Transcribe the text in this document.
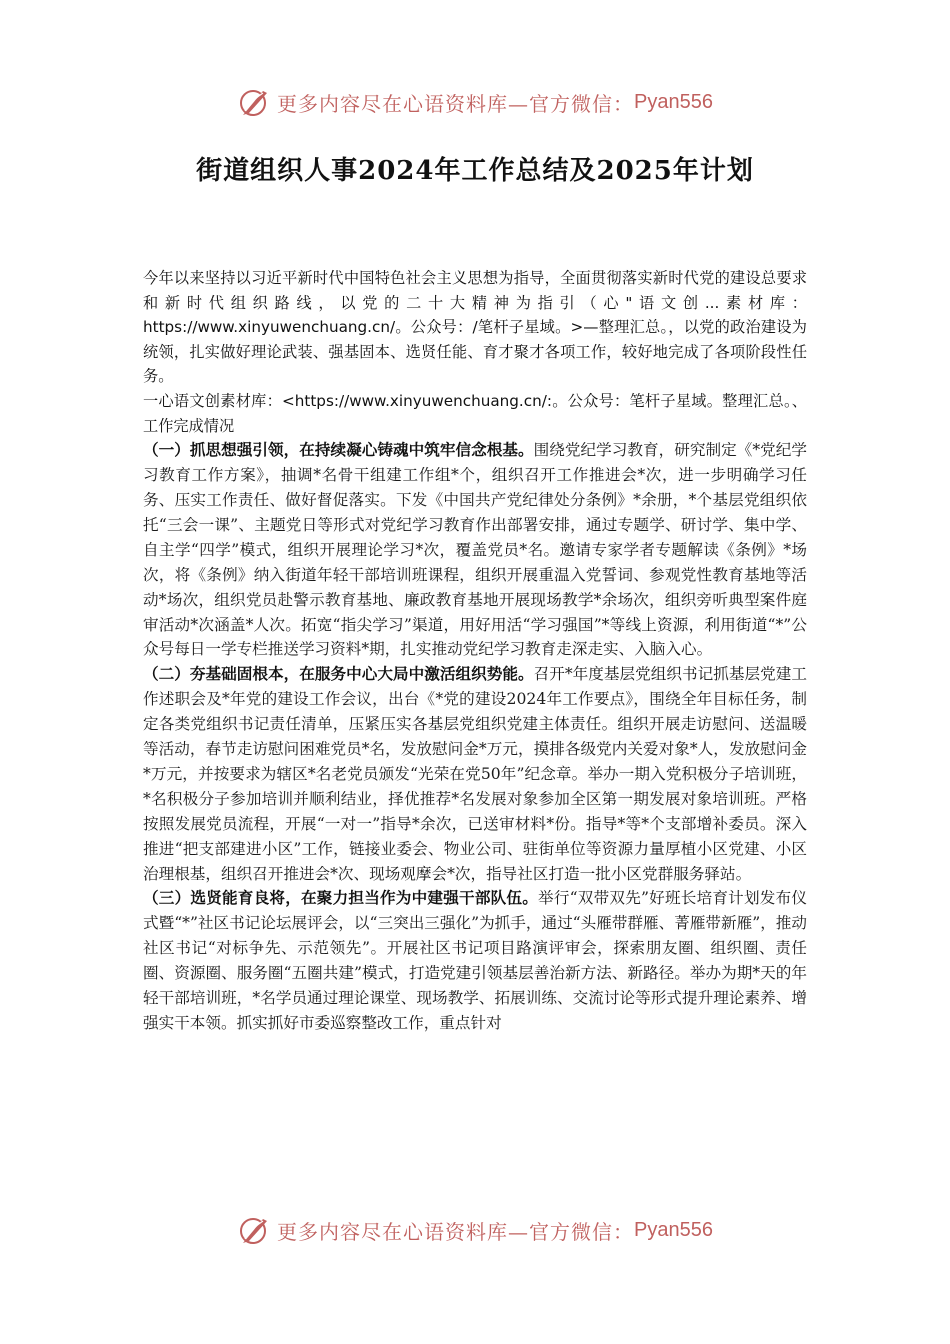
更多内容尽在心语资料库—官方微信： Pyan556
街道组织人事2024年工作总结及2025年计划

今年以来坚持以习近平新时代中国特色社会主义思想为指导，全面贯彻落实新时代党的建设总要求和新时代组织路线，以党的二十大精神为指引（心"语文创...素材库：https://www.xinyuwenchuang.cn/。公众号：/笔杆子星域。>—整理汇总。，以党的政治建设为统领，扎实做好理论武装、强基固本、选贤任能、育才聚才各项工作，较好地完成了各项阶段性任务。

一心语文创素材库：<https://www.xinyuwenchuang.cn/:。公众号：笔杆子星域。整理汇总。、工作完成情况

（一）抓思想强引领，在持续凝心铸魂中筑牢信念根基。围绕党纪学习教育，研究制定《*党纪学习教育工作方案》，抽调*名骨干组建工作组*个，组织召开工作推进会*次，进一步明确学习任务、压实工作责任、做好督促落实。下发《中国共产党纪律处分条例》*余册，*个基层党组织依托“三会一课”、主题党日等形式对党纪学习教育作出部署安排，通过专题学、研讨学、集中学、自主学“四学”模式，组织开展理论学习*次，覆盖党员*名。邀请专家学者专题解读《条例》*场次，将《条例》纳入街道年轻干部培训班课程，组织开展重温入党誓词、参观党性教育基地等活动*场次，组织党员赴警示教育基地、廉政教育基地开展现场教学*余场次，组织旁听典型案件庭审活动*次涵盖*人次。拓宽“指尖学习”渠道，用好用活“学习强国”*等线上资源，利用街道“*”公众号每日一学专栏推送学习资料*期，扎实推动党纪学习教育走深走实、入脑入心。

（二）夯基础固根本，在服务中心大局中激活组织势能。召开*年度基层党组织书记抓基层党建工作述职会及*年党的建设工作会议，出台《*党的建设2024年工作要点》，围绕全年目标任务，制定各类党组织书记责任清单，压紧压实各基层党组织党建主体责任。组织开展走访慰问、送温暖等活动，春节走访慰问困难党员*名，发放慰问金*万元，摸排各级党内关爱对象*人，发放慰问金*万元，并按要求为辖区*名老党员颁发“光荣在党50年”纪念章。举办一期入党积极分子培训班，*名积极分子参加培训并顺利结业，择优推荐*名发展对象参加全区第一期发展对象培训班。严格按照发展党员流程，开展“一对一”指导*余次，已送审材料*份。指导*等*个支部增补委员。深入推进“把支部建进小区”工作，链接业委会、物业公司、驻街单位等资源力量厚植小区党建、小区治理根基，组织召开推进会*次、现场观摩会*次，指导社区打造一批小区党群服务驿站。

（三）选贤能育良将，在聚力担当作为中建强干部队伍。举行“双带双先”好班长培育计划发布仪式暨“*”社区书记论坛展评会，以“三突出三强化”为抓手，通过“头雁带群雁、菁雁带新雁”，推动社区书记“对标争先、示范领先”。开展社区书记项目路演评审会，探索朋友圈、组织圈、责任圈、资源圈、服务圈“五圈共建”模式，打造党建引领基层善治新方法、新路径。举办为期*天的年轻干部培训班，*名学员通过理论课堂、现场教学、拓展训练、交流讨论等形式提升理论素养、增强实干本领。抓实抓好市委巡察整改工作，重点针对

更多内容尽在心语资料库—官方微信： Pyan556
